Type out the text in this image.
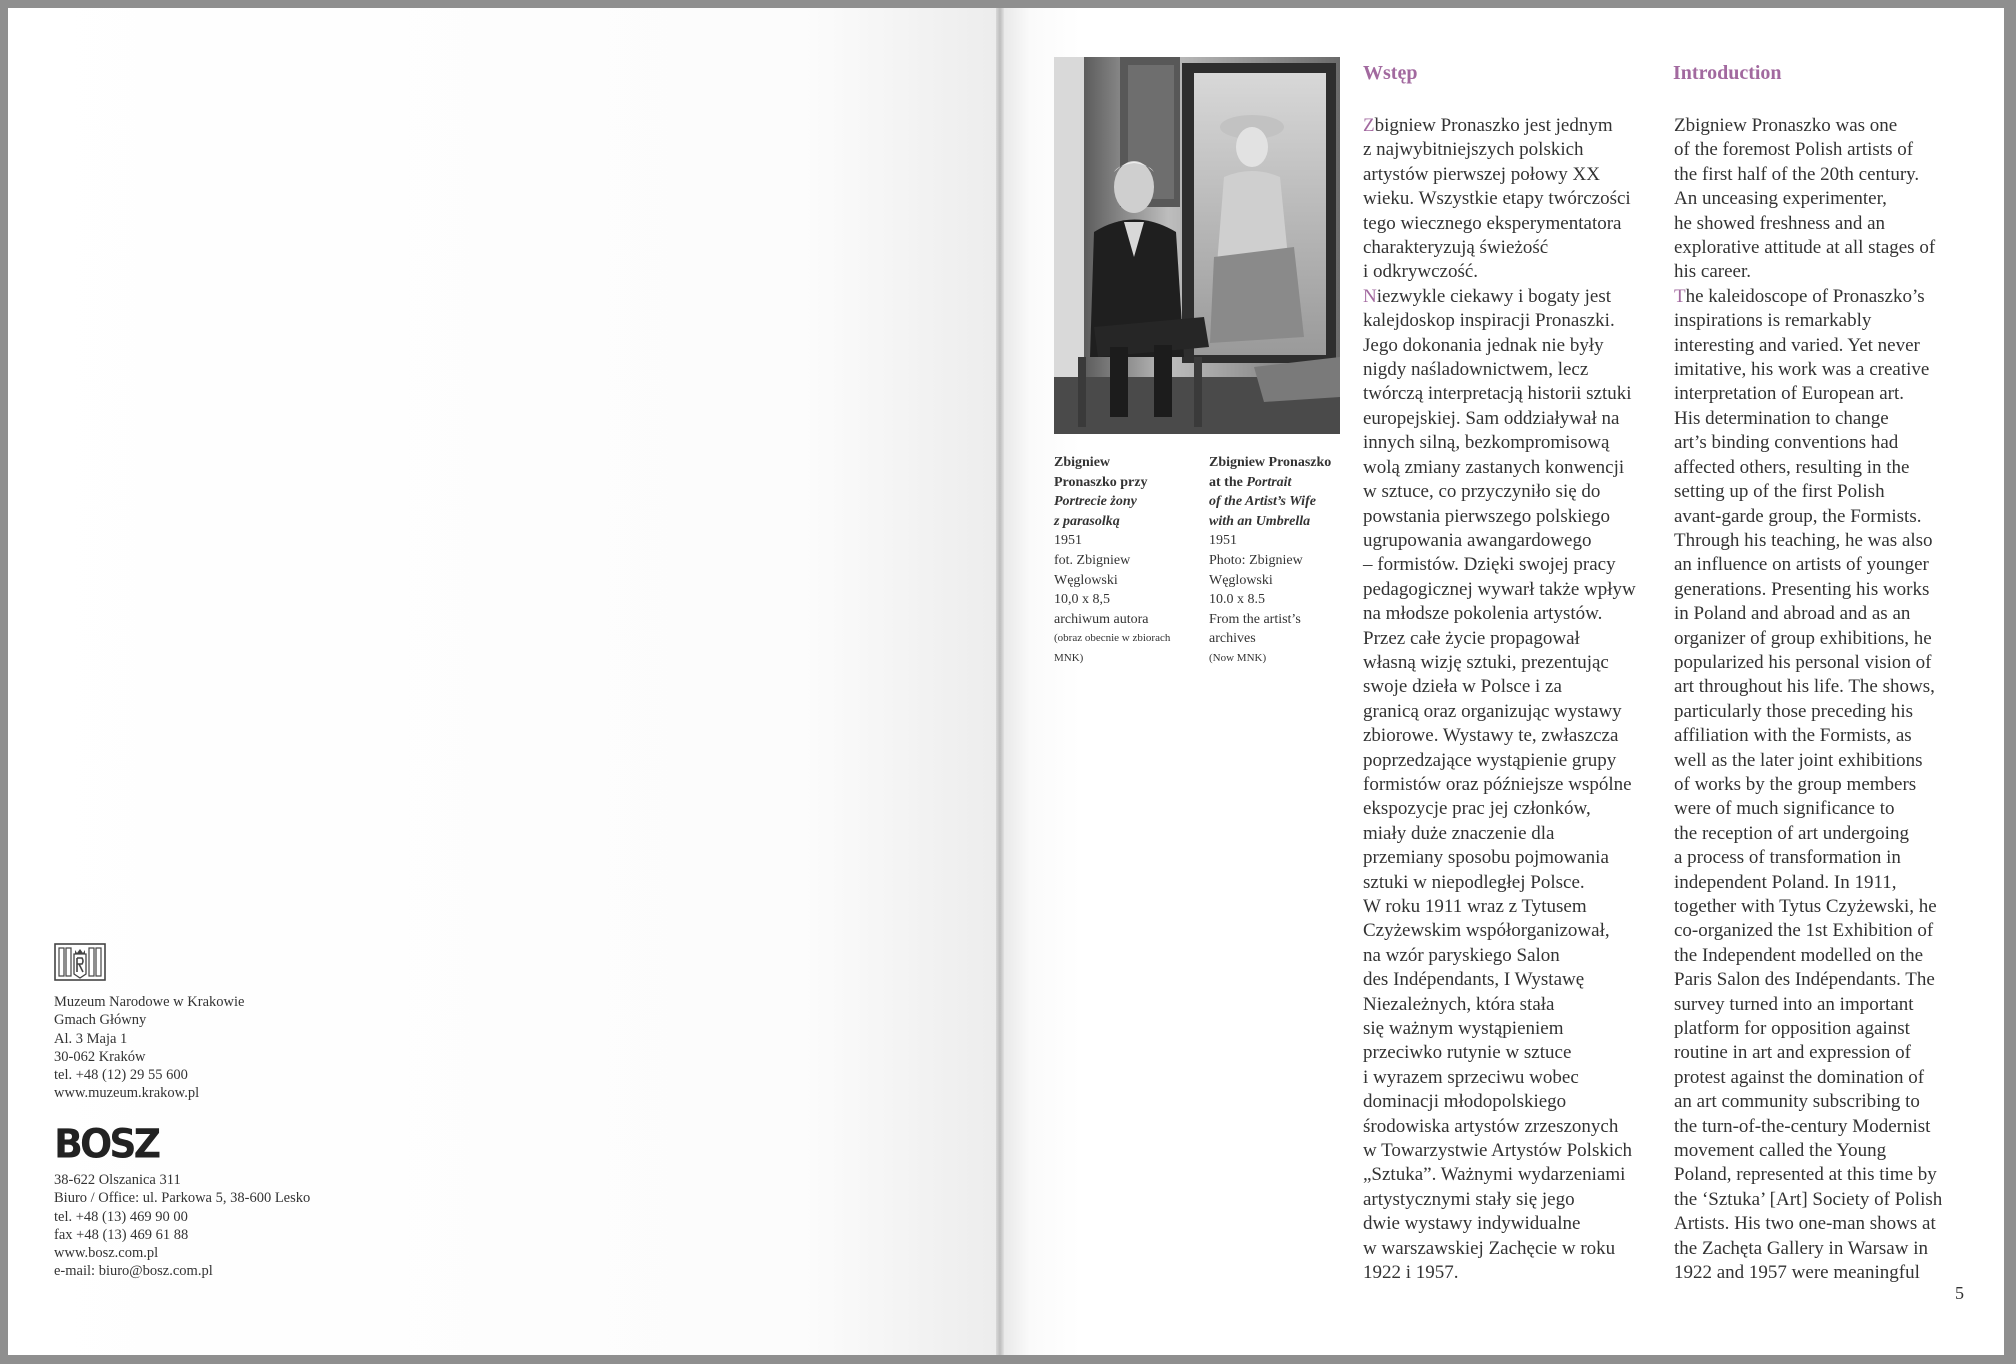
Muzeum Narodowe w Krakowie
Gmach Główny
Al. 3 Maja 1
30-062 Kraków
tel. +48 (12) 29 55 600
www.muzeum.krakow.pl
BOSZ
38-622 Olszanica 311
Biuro / Office: ul. Parkowa 5, 38-600 Lesko
tel. +48 (13) 469 90 00
fax +48 (13) 469 61 88
www.bosz.com.pl
e-mail: biuro@bosz.com.pl
Zbigniew
Pronaszko przy
Portrecie żony
z parasolką
1951
fot. Zbigniew
Węglowski
10,0 x 8,5
archiwum autora
(obraz obecnie w zbiorach
MNK)
Zbigniew Pronaszko
at the Portrait
of the Artist’s Wife
with an Umbrella
1951
Photo: Zbigniew
Węglowski
10.0 x 8.5
From the artist’s
archives
(Now MNK)
Wstęp	Introduction
Zbigniew Pronaszko jest jednym
z najwybitniejszych polskich
artystów pierwszej połowy XX
wieku. Wszystkie etapy twórczości
tego wiecznego eksperymentatora
charakteryzują świeżość
i odkrywczość.
Niezwykle ciekawy i bogaty jest
kalejdoskop inspiracji Pronaszki.
Jego dokonania jednak nie były
nigdy naśladownictwem, lecz
twórczą interpretacją historii sztuki
europejskiej. Sam oddziaływał na
innych silną, bezkompromisową
wolą zmiany zastanych konwencji
w sztuce, co przyczyniło się do
powstania pierwszego polskiego
ugrupowania awangardowego
– formistów. Dzięki swojej pracy
pedagogicznej wywarł także wpływ
na młodsze pokolenia artystów.
Przez całe życie propagował
własną wizję sztuki, prezentując
swoje dzieła w Polsce i za
granicą oraz organizując wystawy
zbiorowe. Wystawy te, zwłaszcza
poprzedzające wystąpienie grupy
formistów oraz późniejsze wspólne
ekspozycje prac jej członków,
miały duże znaczenie dla
przemiany sposobu pojmowania
sztuki w niepodległej Polsce.
W roku 1911 wraz z Tytusem
Czyżewskim współorganizował,
na wzór paryskiego Salon
des Indépendants, I Wystawę
Niezależnych, która stała
się ważnym wystąpieniem
przeciwko rutynie w sztuce
i wyrazem sprzeciwu wobec
dominacji młodopolskiego
środowiska artystów zrzeszonych
w Towarzystwie Artystów Polskich
„Sztuka”. Ważnymi wydarzeniami
artystycznymi stały się jego
dwie wystawy indywidualne
w warszawskiej Zachęcie w roku
1922 i 1957.
Zbigniew Pronaszko was one
of the foremost Polish artists of
the first half of the 20th century.
An unceasing experimenter,
he showed freshness and an
explorative attitude at all stages of
his career.
The kaleidoscope of Pronaszko’s
inspirations is remarkably
interesting and varied. Yet never
imitative, his work was a creative
interpretation of European art.
His determination to change
art’s binding conventions had
affected others, resulting in the
setting up of the first Polish
avant-garde group, the Formists.
Through his teaching, he was also
an influence on artists of younger
generations. Presenting his works
in Poland and abroad and as an
organizer of group exhibitions, he
popularized his personal vision of
art throughout his life. The shows,
particularly those preceding his
affiliation with the Formists, as
well as the later joint exhibitions
of works by the group members
were of much significance to
the reception of art undergoing
a process of transformation in
independent Poland. In 1911,
together with Tytus Czyżewski, he
co-organized the 1st Exhibition of
the Independent modelled on the
Paris Salon des Indépendants. The
survey turned into an important
platform for opposition against
routine in art and expression of
protest against the domination of
an art community subscribing to
the turn-of-the-century Modernist
movement called the Young
Poland, represented at this time by
the ‘Sztuka’ [Art] Society of Polish
Artists. His two one-man shows at
the Zachęta Gallery in Warsaw in
1922 and 1957 were meaningful
5
